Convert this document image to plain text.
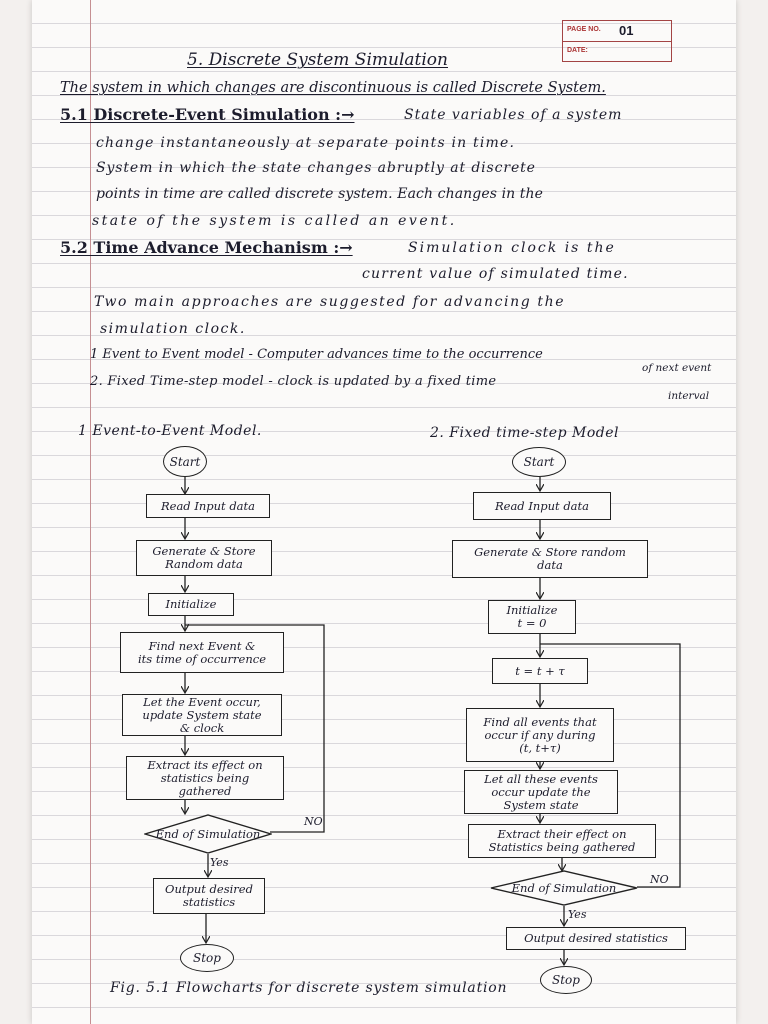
PAGE NO. 01
DATE:
5. Discrete System Simulation
The system in which changes are discontinuous is called Discrete System.
5.1 Discrete-Event Simulation :→	State variables of a system
change instantaneously at separate points in time.
System in which the state changes abruptly at discrete
points in time are called discrete system. Each changes in the
state of the system is called an event.
5.2 Time Advance Mechanism :→	Simulation clock is the
current value of simulated time.
Two main approaches are suggested for advancing the
simulation clock.
1 Event to Event model - Computer advances time to the occurrence
of next event
2. Fixed Time-step model - clock is updated by a fixed time
interval
1 Event-to-Event Model.	2. Fixed time-step Model
Start
Read Input data
Generate & Store
Random data
Initialize
Find next Event &
its time of occurrence
Let the Event occur,
update System state
& clock
Extract its effect on
statistics being
gathered
End of Simulation
NO
Yes
Output desired
statistics
Stop
Start
Read Input data
Generate & Store random
data
Initialize
t = 0
t = t + τ
Find all events that
occur if any during
(t, t+τ)
Let all these events
occur update the
System state
Extract their effect on
Statistics being gathered
End of Simulation
NO
Yes
Output desired statistics
Stop
Fig. 5.1 Flowcharts for discrete system simulation
